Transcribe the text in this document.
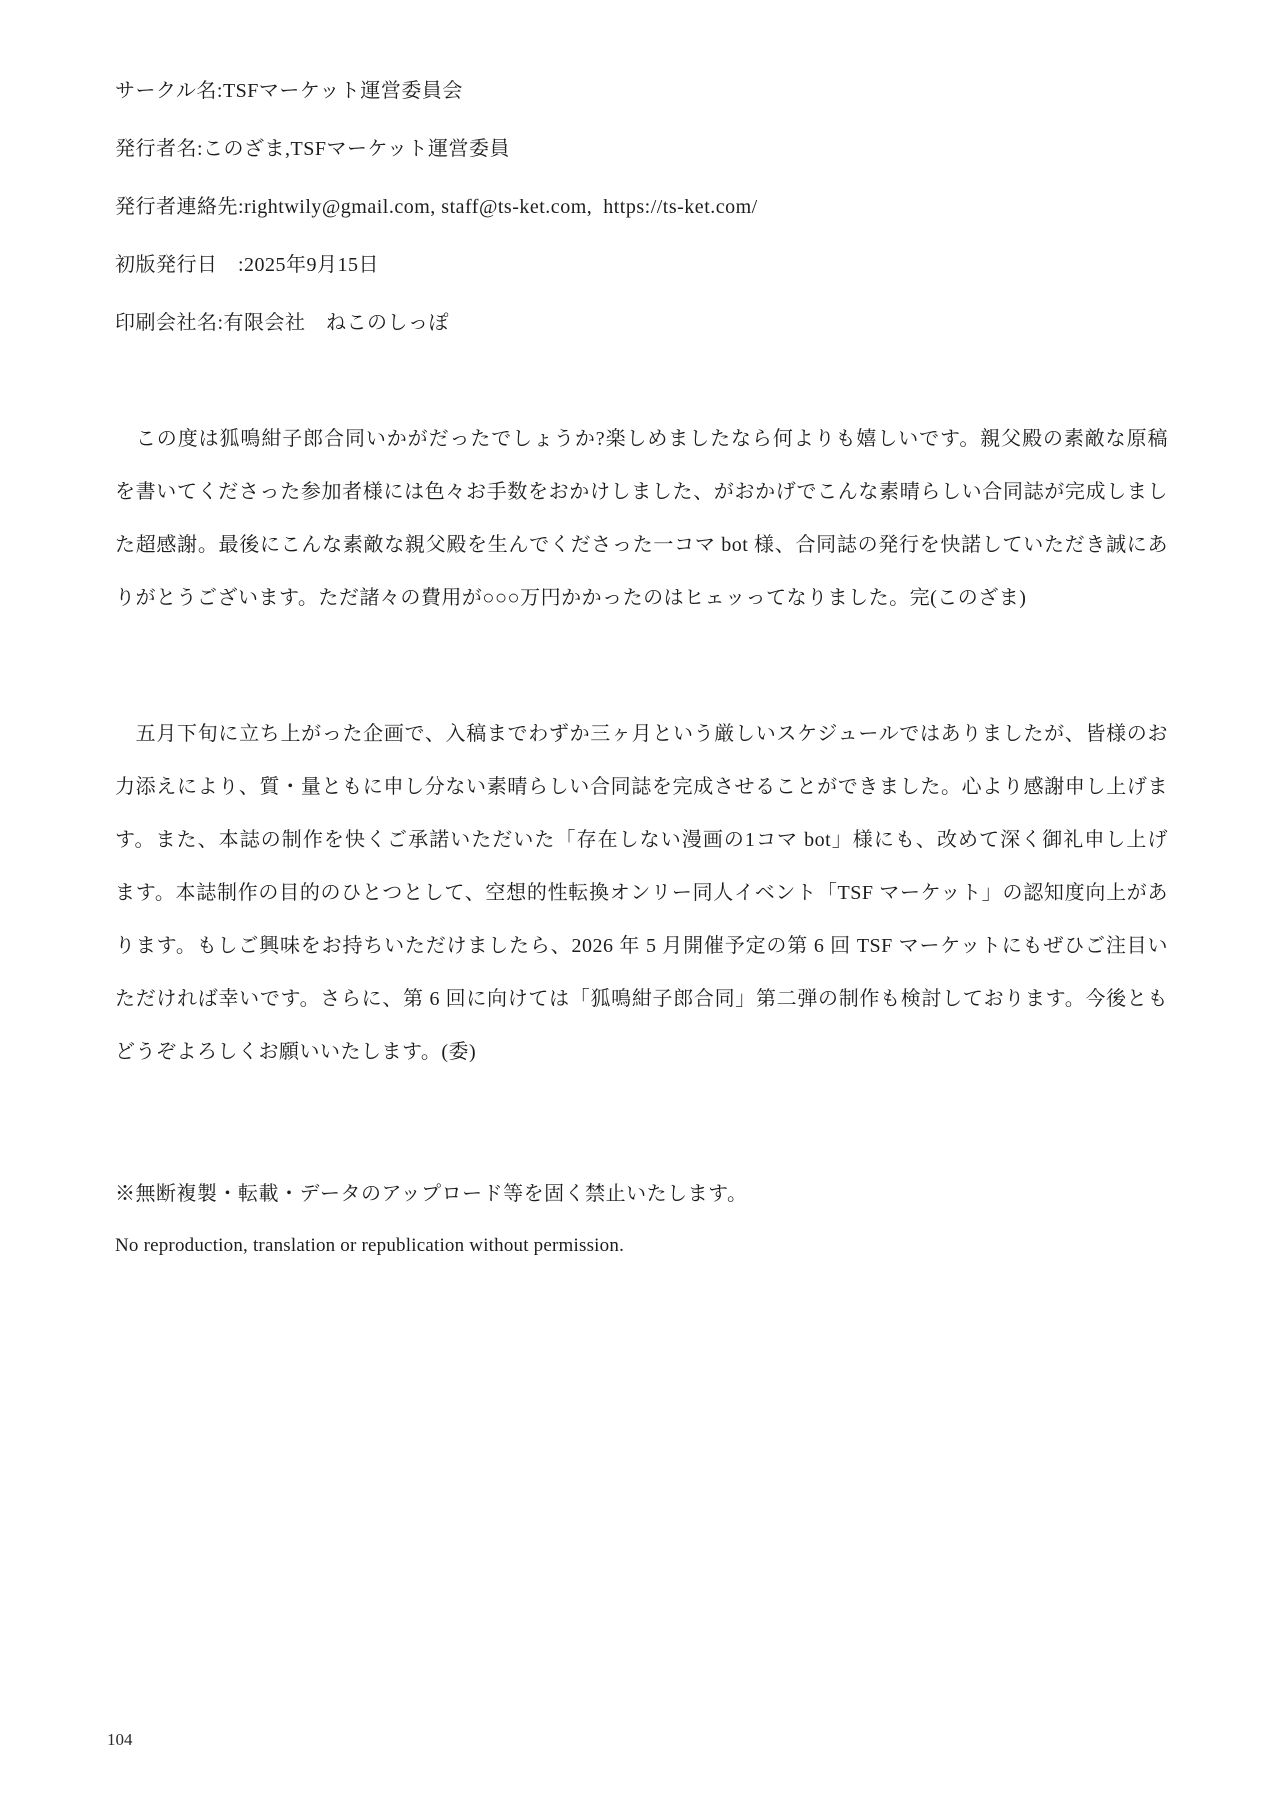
サークル名:TSFマーケット運営委員会
発行者名:このざま,TSFマーケット運営委員
発行者連絡先:rightwily@gmail.com, staff@ts-ket.com,  https://ts-ket.com/
初版発行日　:2025年9月15日
印刷会社名:有限会社　ねこのしっぽ
　この度は狐鳴紺子郎合同いかがだったでしょうか?楽しめましたなら何よりも嬉しいです。親父殿の素敵な原稿
を書いてくださった参加者様には色々お手数をおかけしました、がおかげでこんな素晴らしい合同誌が完成しまし
た超感謝。最後にこんな素敵な親父殿を生んでくださった一コマ bot 様、合同誌の発行を快諾していただき誠にあ
りがとうございます。ただ諸々の費用が○○○万円かかったのはヒェッってなりました。完(このざま)
　五月下旬に立ち上がった企画で、入稿までわずか三ヶ月という厳しいスケジュールではありましたが、皆様のお
力添えにより、質・量ともに申し分ない素晴らしい合同誌を完成させることができました。心より感謝申し上げま
す。また、本誌の制作を快くご承諾いただいた「存在しない漫画の1コマ bot」様にも、改めて深く御礼申し上げ
ます。本誌制作の目的のひとつとして、空想的性転換オンリー同人イベント「TSF マーケット」の認知度向上があ
ります。もしご興味をお持ちいただけましたら、2026 年 5 月開催予定の第 6 回 TSF マーケットにもぜひご注目い
ただければ幸いです。さらに、第 6 回に向けては「狐鳴紺子郎合同」第二弾の制作も検討しております。今後とも
どうぞよろしくお願いいたします。(委)
※無断複製・転載・データのアップロード等を固く禁止いたします。
No reproduction, translation or republication without permission.
104
